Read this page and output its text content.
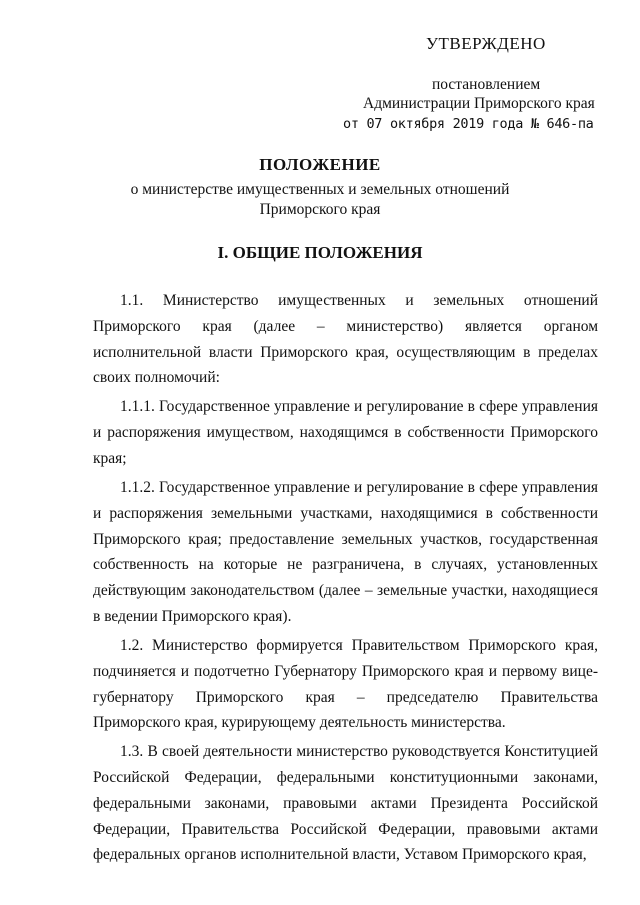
УТВЕРЖДЕНО
постановлением
Администрации Приморского края
от 07 октября 2019 года № 646-па
ПОЛОЖЕНИЕ
о министерстве имущественных и земельных отношений
Приморского края
I. ОБЩИЕ ПОЛОЖЕНИЯ

1.1. Министерство имущественных и земельных отношений Приморского края (далее – министерство) является органом исполнительной власти Приморского края, осуществляющим в пределах своих полномочий:

1.1.1. Государственное управление и регулирование в сфере управления и распоряжения имуществом, находящимся в собственности Приморского края;

1.1.2. Государственное управление и регулирование в сфере управления и распоряжения земельными участками, находящимися в собственности Приморского края; предоставление земельных участков, государственная собственность на которые не разграничена, в случаях, установленных действующим законодательством (далее – земельные участки, находящиеся в ведении Приморского края).

1.2. Министерство формируется Правительством Приморского края, подчиняется и подотчетно Губернатору Приморского края и первому вице-губернатору Приморского края – председателю Правительства Приморского края, курирующему деятельность министерства.

1.3. В своей деятельности министерство руководствуется Конституцией Российской Федерации, федеральными конституционными законами, федеральными законами, правовыми актами Президента Российской Федерации, Правительства Российской Федерации, правовыми актами федеральных органов исполнительной власти, Уставом Приморского края,
